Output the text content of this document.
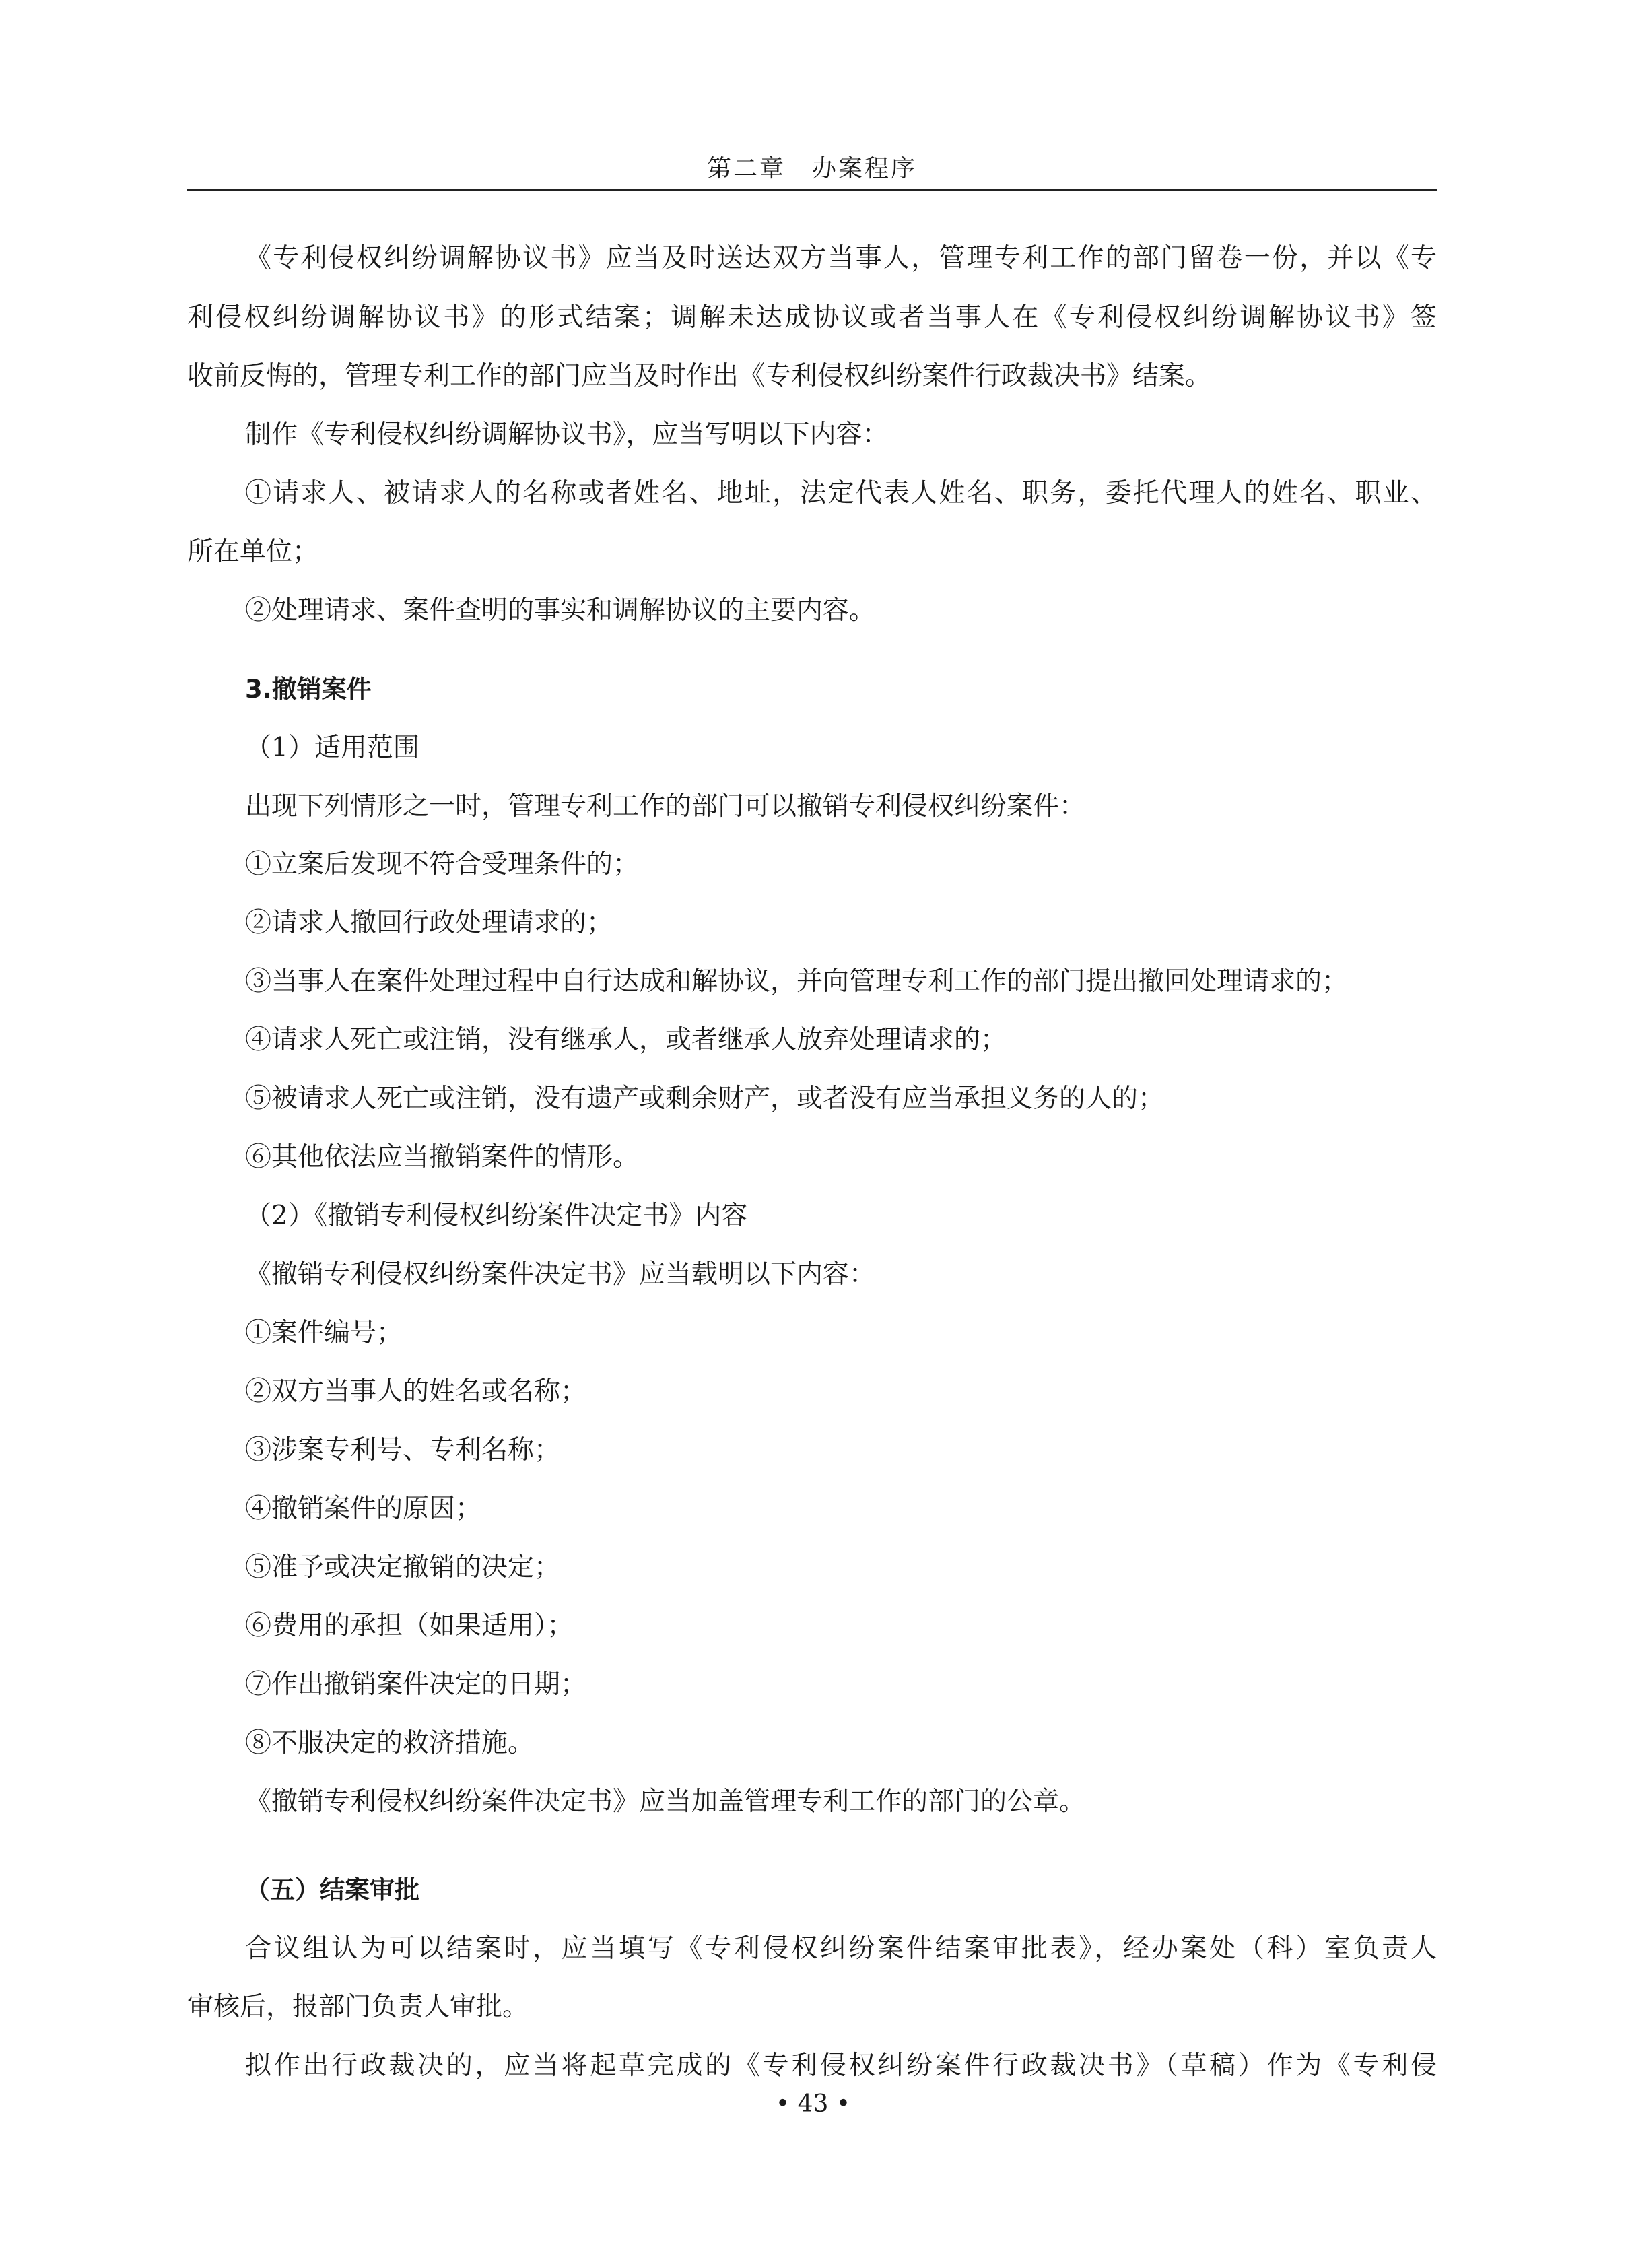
第二章　办案程序
《专利侵权纠纷调解协议书》应当及时送达双方当事人，管理专利工作的部门留卷一份，并以《专
利侵权纠纷调解协议书》的形式结案；调解未达成协议或者当事人在《专利侵权纠纷调解协议书》签
收前反悔的，管理专利工作的部门应当及时作出《专利侵权纠纷案件行政裁决书》结案。
制作《专利侵权纠纷调解协议书》，应当写明以下内容：
①请求人、被请求人的名称或者姓名、地址，法定代表人姓名、职务，委托代理人的姓名、职业、
所在单位；
②处理请求、案件查明的事实和调解协议的主要内容。
3.撤销案件
（1）适用范围
出现下列情形之一时，管理专利工作的部门可以撤销专利侵权纠纷案件：
①立案后发现不符合受理条件的；
②请求人撤回行政处理请求的；
③当事人在案件处理过程中自行达成和解协议，并向管理专利工作的部门提出撤回处理请求的；
④请求人死亡或注销，没有继承人，或者继承人放弃处理请求的；
⑤被请求人死亡或注销，没有遗产或剩余财产，或者没有应当承担义务的人的；
⑥其他依法应当撤销案件的情形。
（2）《撤销专利侵权纠纷案件决定书》内容
《撤销专利侵权纠纷案件决定书》应当载明以下内容：
①案件编号；
②双方当事人的姓名或名称；
③涉案专利号、专利名称；
④撤销案件的原因；
⑤准予或决定撤销的决定；
⑥费用的承担（如果适用）；
⑦作出撤销案件决定的日期；
⑧不服决定的救济措施。
《撤销专利侵权纠纷案件决定书》应当加盖管理专利工作的部门的公章。
（五）结案审批
合议组认为可以结案时，应当填写《专利侵权纠纷案件结案审批表》，经办案处（科）室负责人
审核后，报部门负责人审批。
拟作出行政裁决的，应当将起草完成的《专利侵权纠纷案件行政裁决书》（草稿）作为《专利侵
• 43 •
